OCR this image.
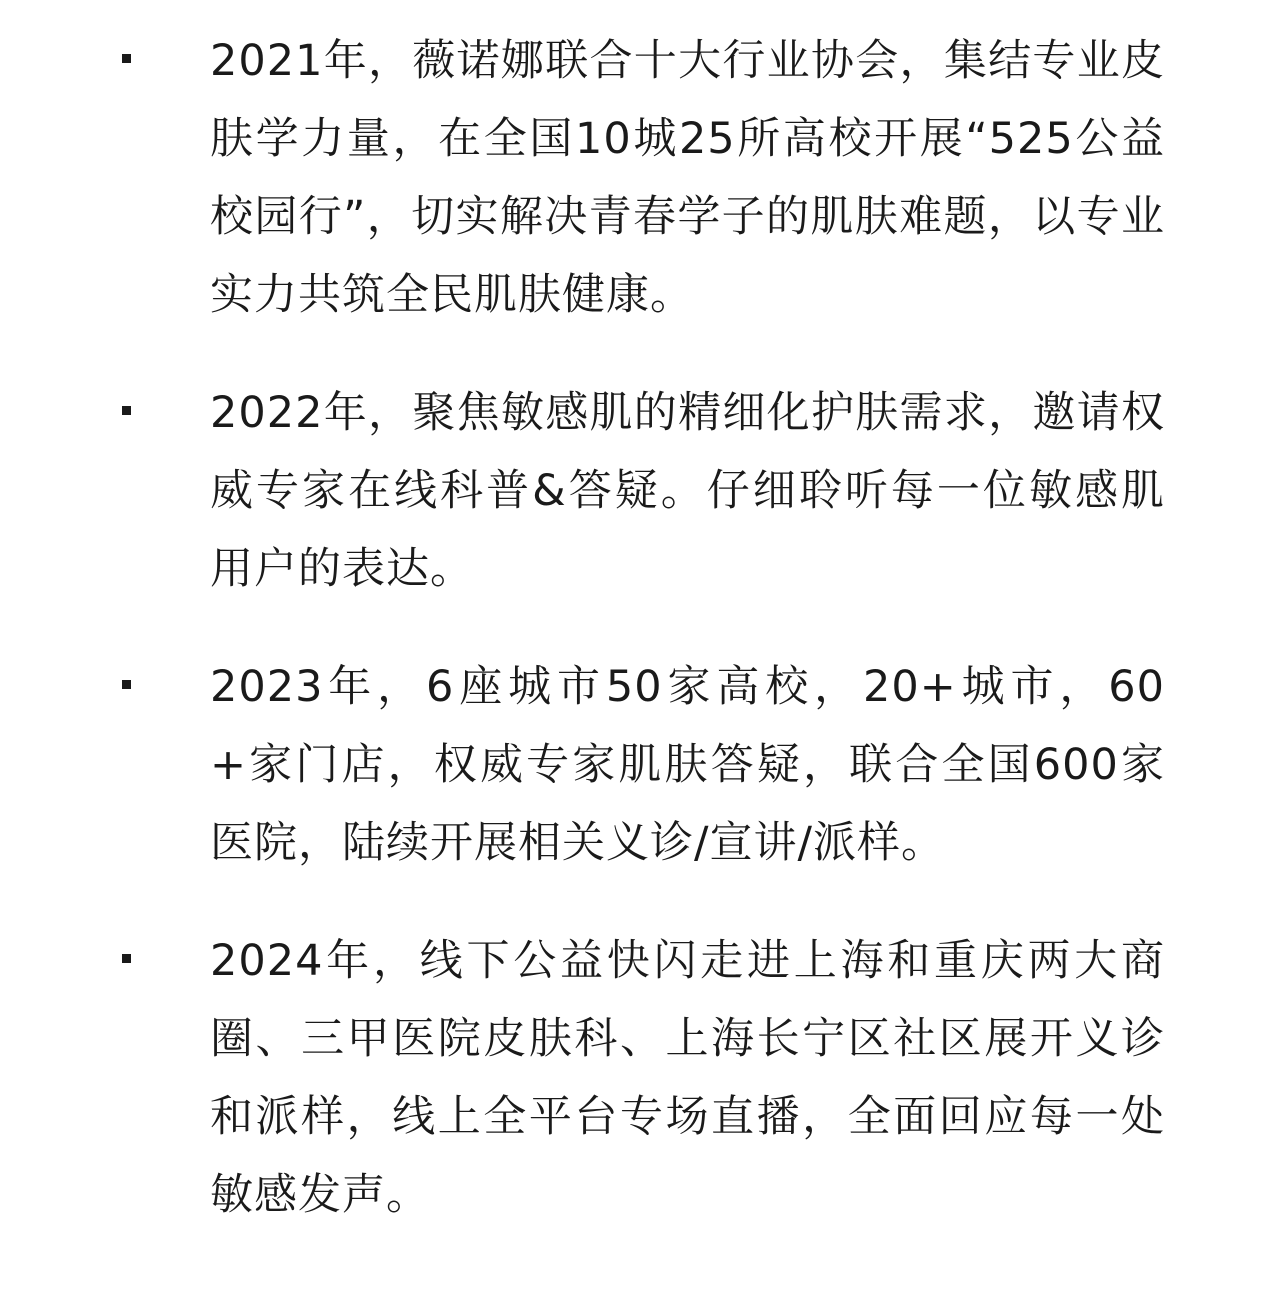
2021年，薇诺娜联合十大行业协会，集结专业皮肤学力量，在全国10城25所高校开展“525公益校园行”，切实解决青春学子的肌肤难题，以专业实力共筑全民肌肤健康。

2022年，聚焦敏感肌的精细化护肤需求，邀请权威专家在线科普&答疑。仔细聆听每一位敏感肌用户的表达。

2023年，6座城市50家高校，20+城市，60+家门店，权威专家肌肤答疑，联合全国600家医院，陆续开展相关义诊/宣讲/派样。

2024年，线下公益快闪走进上海和重庆两大商圈、三甲医院皮肤科、上海长宁区社区展开义诊和派样，线上全平台专场直播，全面回应每一处敏感发声。
